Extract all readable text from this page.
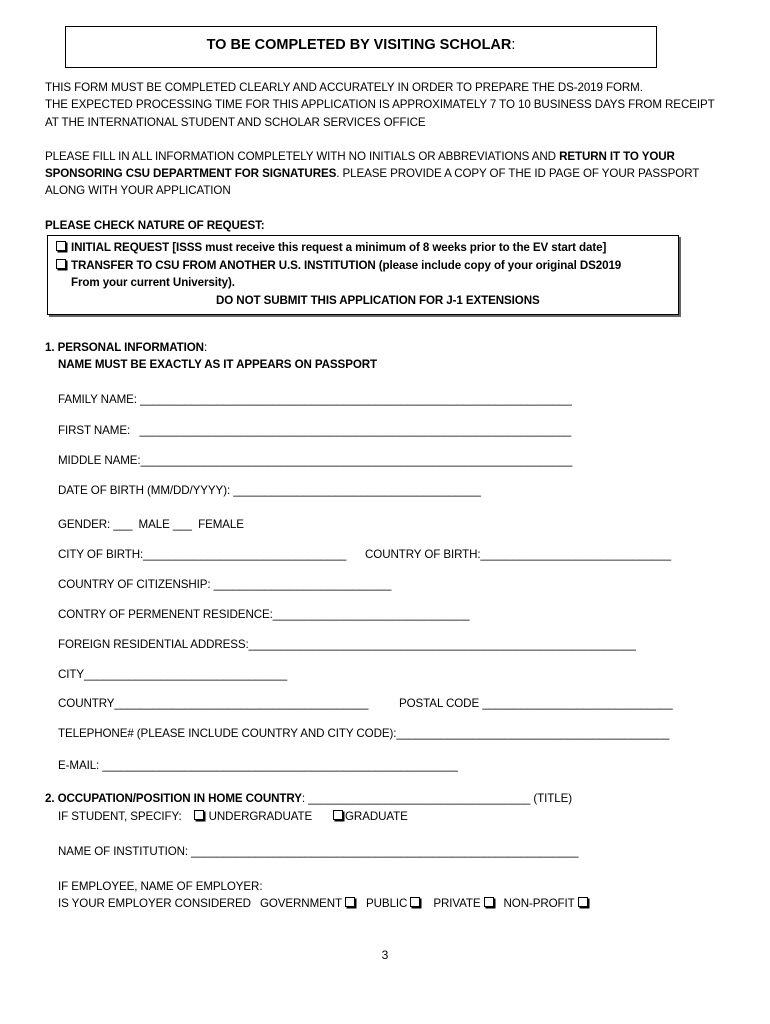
TO BE COMPLETED BY VISITING SCHOLAR:
THIS FORM MUST BE COMPLETED CLEARLY AND ACCURATELY IN ORDER TO PREPARE THE DS-2019 FORM.
THE EXPECTED PROCESSING TIME FOR THIS APPLICATION IS APPROXIMATELY 7 TO 10 BUSINESS DAYS FROM RECEIPT
AT THE INTERNATIONAL STUDENT AND SCHOLAR SERVICES OFFICE
PLEASE FILL IN ALL INFORMATION COMPLETELY WITH NO INITIALS OR ABBREVIATIONS AND RETURN IT TO YOUR
SPONSORING CSU DEPARTMENT FOR SIGNATURES. PLEASE PROVIDE A COPY OF THE ID PAGE OF YOUR PASSPORT
ALONG WITH YOUR APPLICATION
PLEASE CHECK NATURE OF REQUEST:
INITIAL REQUEST [ISSS must receive this request a minimum of 8 weeks prior to the EV start date]
TRANSFER TO CSU FROM ANOTHER U.S. INSTITUTION (please include copy of your original DS2019
From your current University).
DO NOT SUBMIT THIS APPLICATION FOR J-1 EXTENSIONS
1. PERSONAL INFORMATION:
NAME MUST BE EXACTLY AS IT APPEARS ON PASSPORT
FAMILY NAME: ____________________________________________________________________
FIRST NAME:   ____________________________________________________________________
MIDDLE NAME:____________________________________________________________________
DATE OF BIRTH (MM/DD/YYYY): _______________________________________
GENDER: ___  MALE ___  FEMALE
CITY OF BIRTH:________________________________ COUNTRY OF BIRTH:______________________________
COUNTRY OF CITIZENSHIP: ____________________________
CONTRY OF PERMENENT RESIDENCE:_______________________________
FOREIGN RESIDENTIAL ADDRESS:_____________________________________________________________
CITY________________________________
COUNTRY________________________________________	POSTAL CODE ______________________________
TELEPHONE# (PLEASE INCLUDE COUNTRY AND CITY CODE):___________________________________________
E-MAIL: ________________________________________________________
2. OCCUPATION/POSITION IN HOME COUNTRY: ___________________________________ (TITLE)
IF STUDENT, SPECIFY: UNDERGRADUATE	GRADUATE
NAME OF INSTITUTION: _____________________________________________________________
IF EMPLOYEE, NAME OF EMPLOYER:
IS YOUR EMPLOYER CONSIDERED GOVERNMENT PUBLIC PRIVATE NON-PROFIT
3
